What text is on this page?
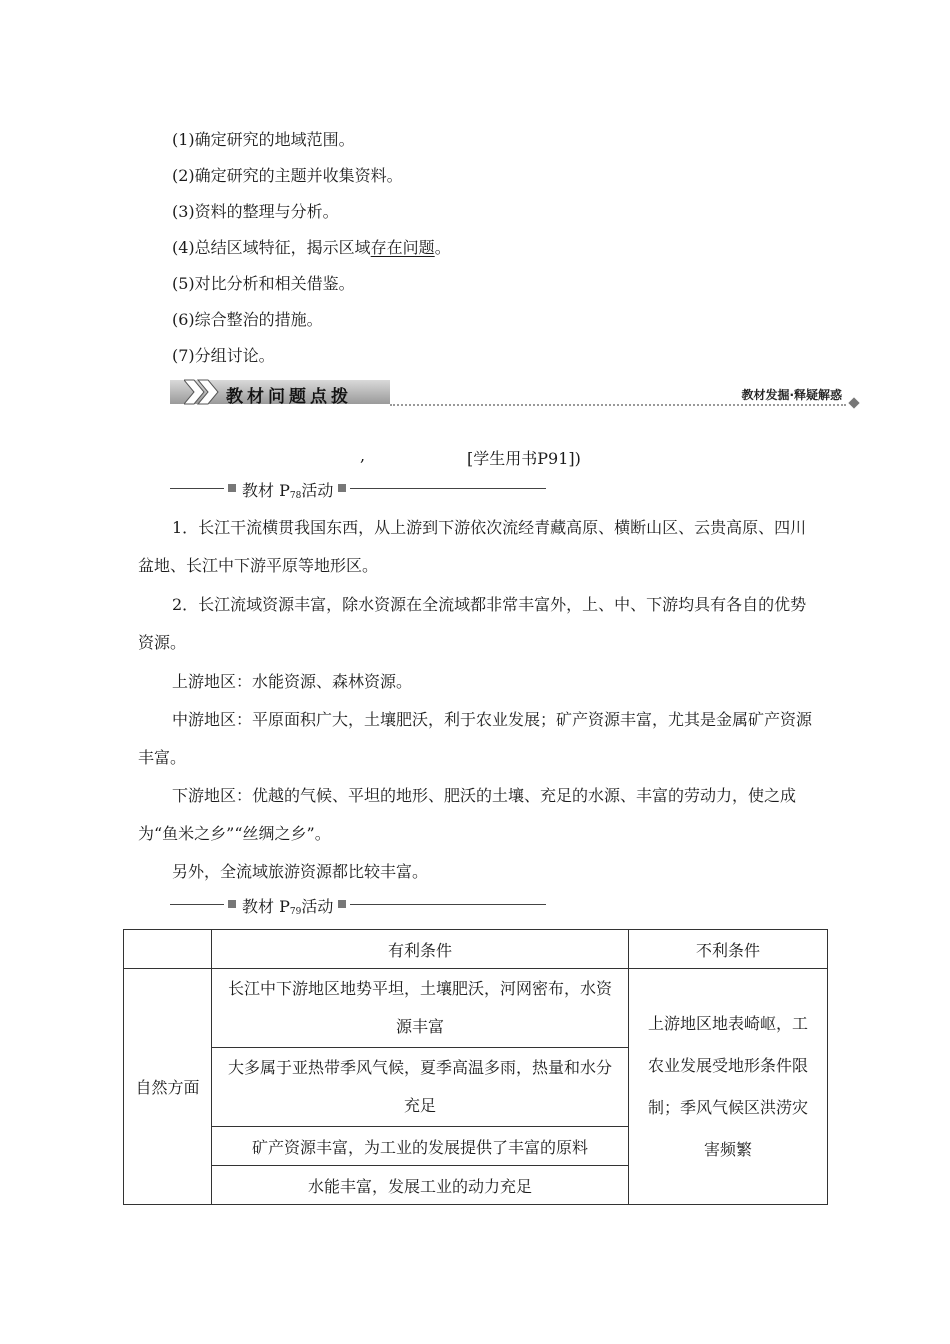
(1)确定研究的地域范围。
(2)确定研究的主题并收集资料。
(3)资料的整理与分析。
(4)总结区域特征，揭示区域存在问题。
(5)对比分析和相关借鉴。
(6)综合整治的措施。
(7)分组讨论。
教材问题点拨	教材发掘·释疑解惑
,	[学生用书P91])
教材 $P_{78}$活动
1．长江干流横贯我国东西，从上游到下游依次流经青藏高原、横断山区、云贵高原、四川盆地、长江中下游平原等地形区。
2．长江流域资源丰富，除水资源在全流域都非常丰富外，上、中、下游均具有各自的优势资源。
上游地区：水能资源、森林资源。
中游地区：平原面积广大，土壤肥沃，利于农业发展；矿产资源丰富，尤其是金属矿产资源丰富。
下游地区：优越的气候、平坦的地形、肥沃的土壤、充足的水源、丰富的劳动力，使之成为“鱼米之乡”“丝绸之乡”。
另外，全流域旅游资源都比较丰富。
教材 $P_{79}$活动
	有利条件	不利条件
自然方面	长江中下游地区地势平坦，土壤肥沃，河网密布，水资源丰富	上游地区地表崎岖，工农业发展受地形条件限制；季风气候区洪涝灾害频繁
	大多属于亚热带季风气候，夏季高温多雨，热量和水分充足	
	矿产资源丰富，为工业的发展提供了丰富的原料	
	水能丰富，发展工业的动力充足	
